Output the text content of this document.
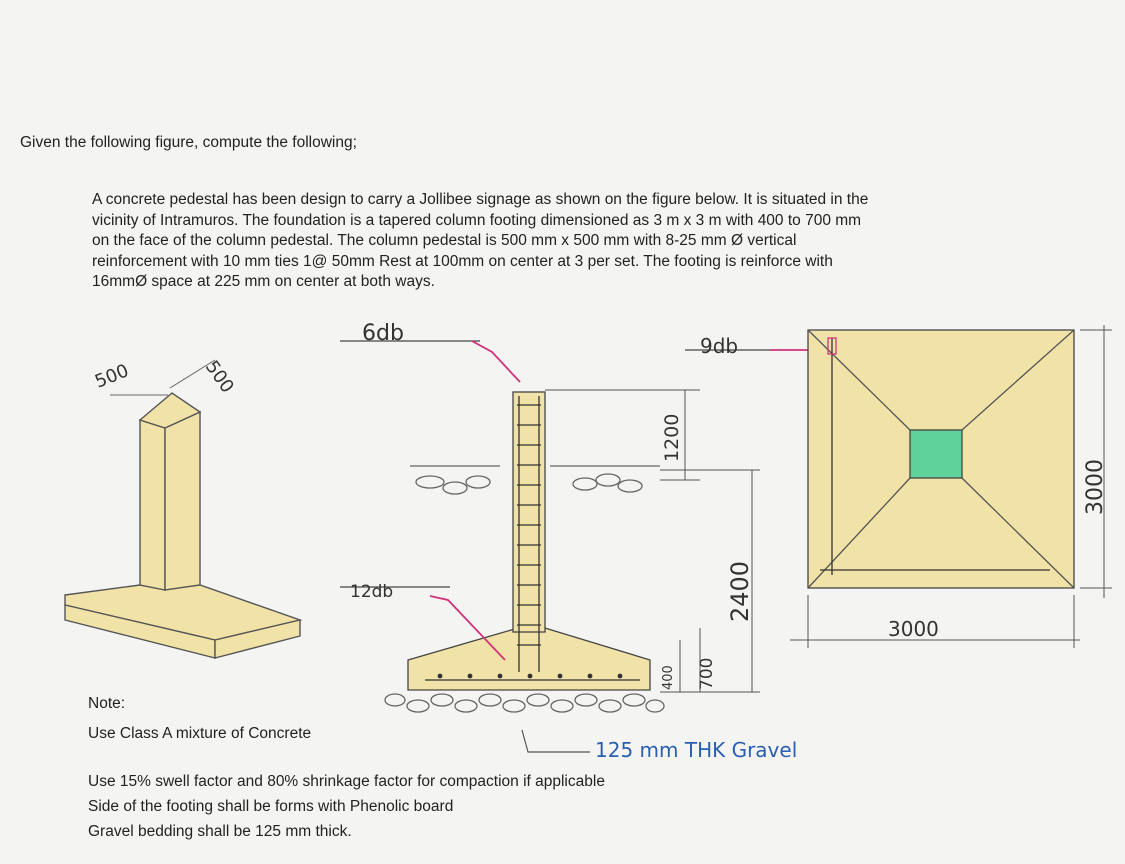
Given the following figure, compute the following;
A concrete pedestal has been design to carry a Jollibee signage as shown on the figure below. It is situated in the
vicinity of Intramuros. The foundation is a tapered column footing dimensioned as 3 m x 3 m with 400 to 700 mm
on the face of the column pedestal. The column pedestal is 500 mm x 500 mm with 8-25 mm Ø vertical
reinforcement with 10 mm ties 1@ 50mm Rest at 100mm on center at 3 per set. The footing is reinforce with
16mmØ space at 225 mm on center at both ways.
500	500
6db	9db
12db
1200
2400
400 700
125 mm THK Gravel
3000
3000
Note:
Use Class A mixture of Concrete
Use 15% swell factor and 80% shrinkage factor for compaction if applicable
Side of the footing shall be forms with Phenolic board
Gravel bedding shall be 125 mm thick.
